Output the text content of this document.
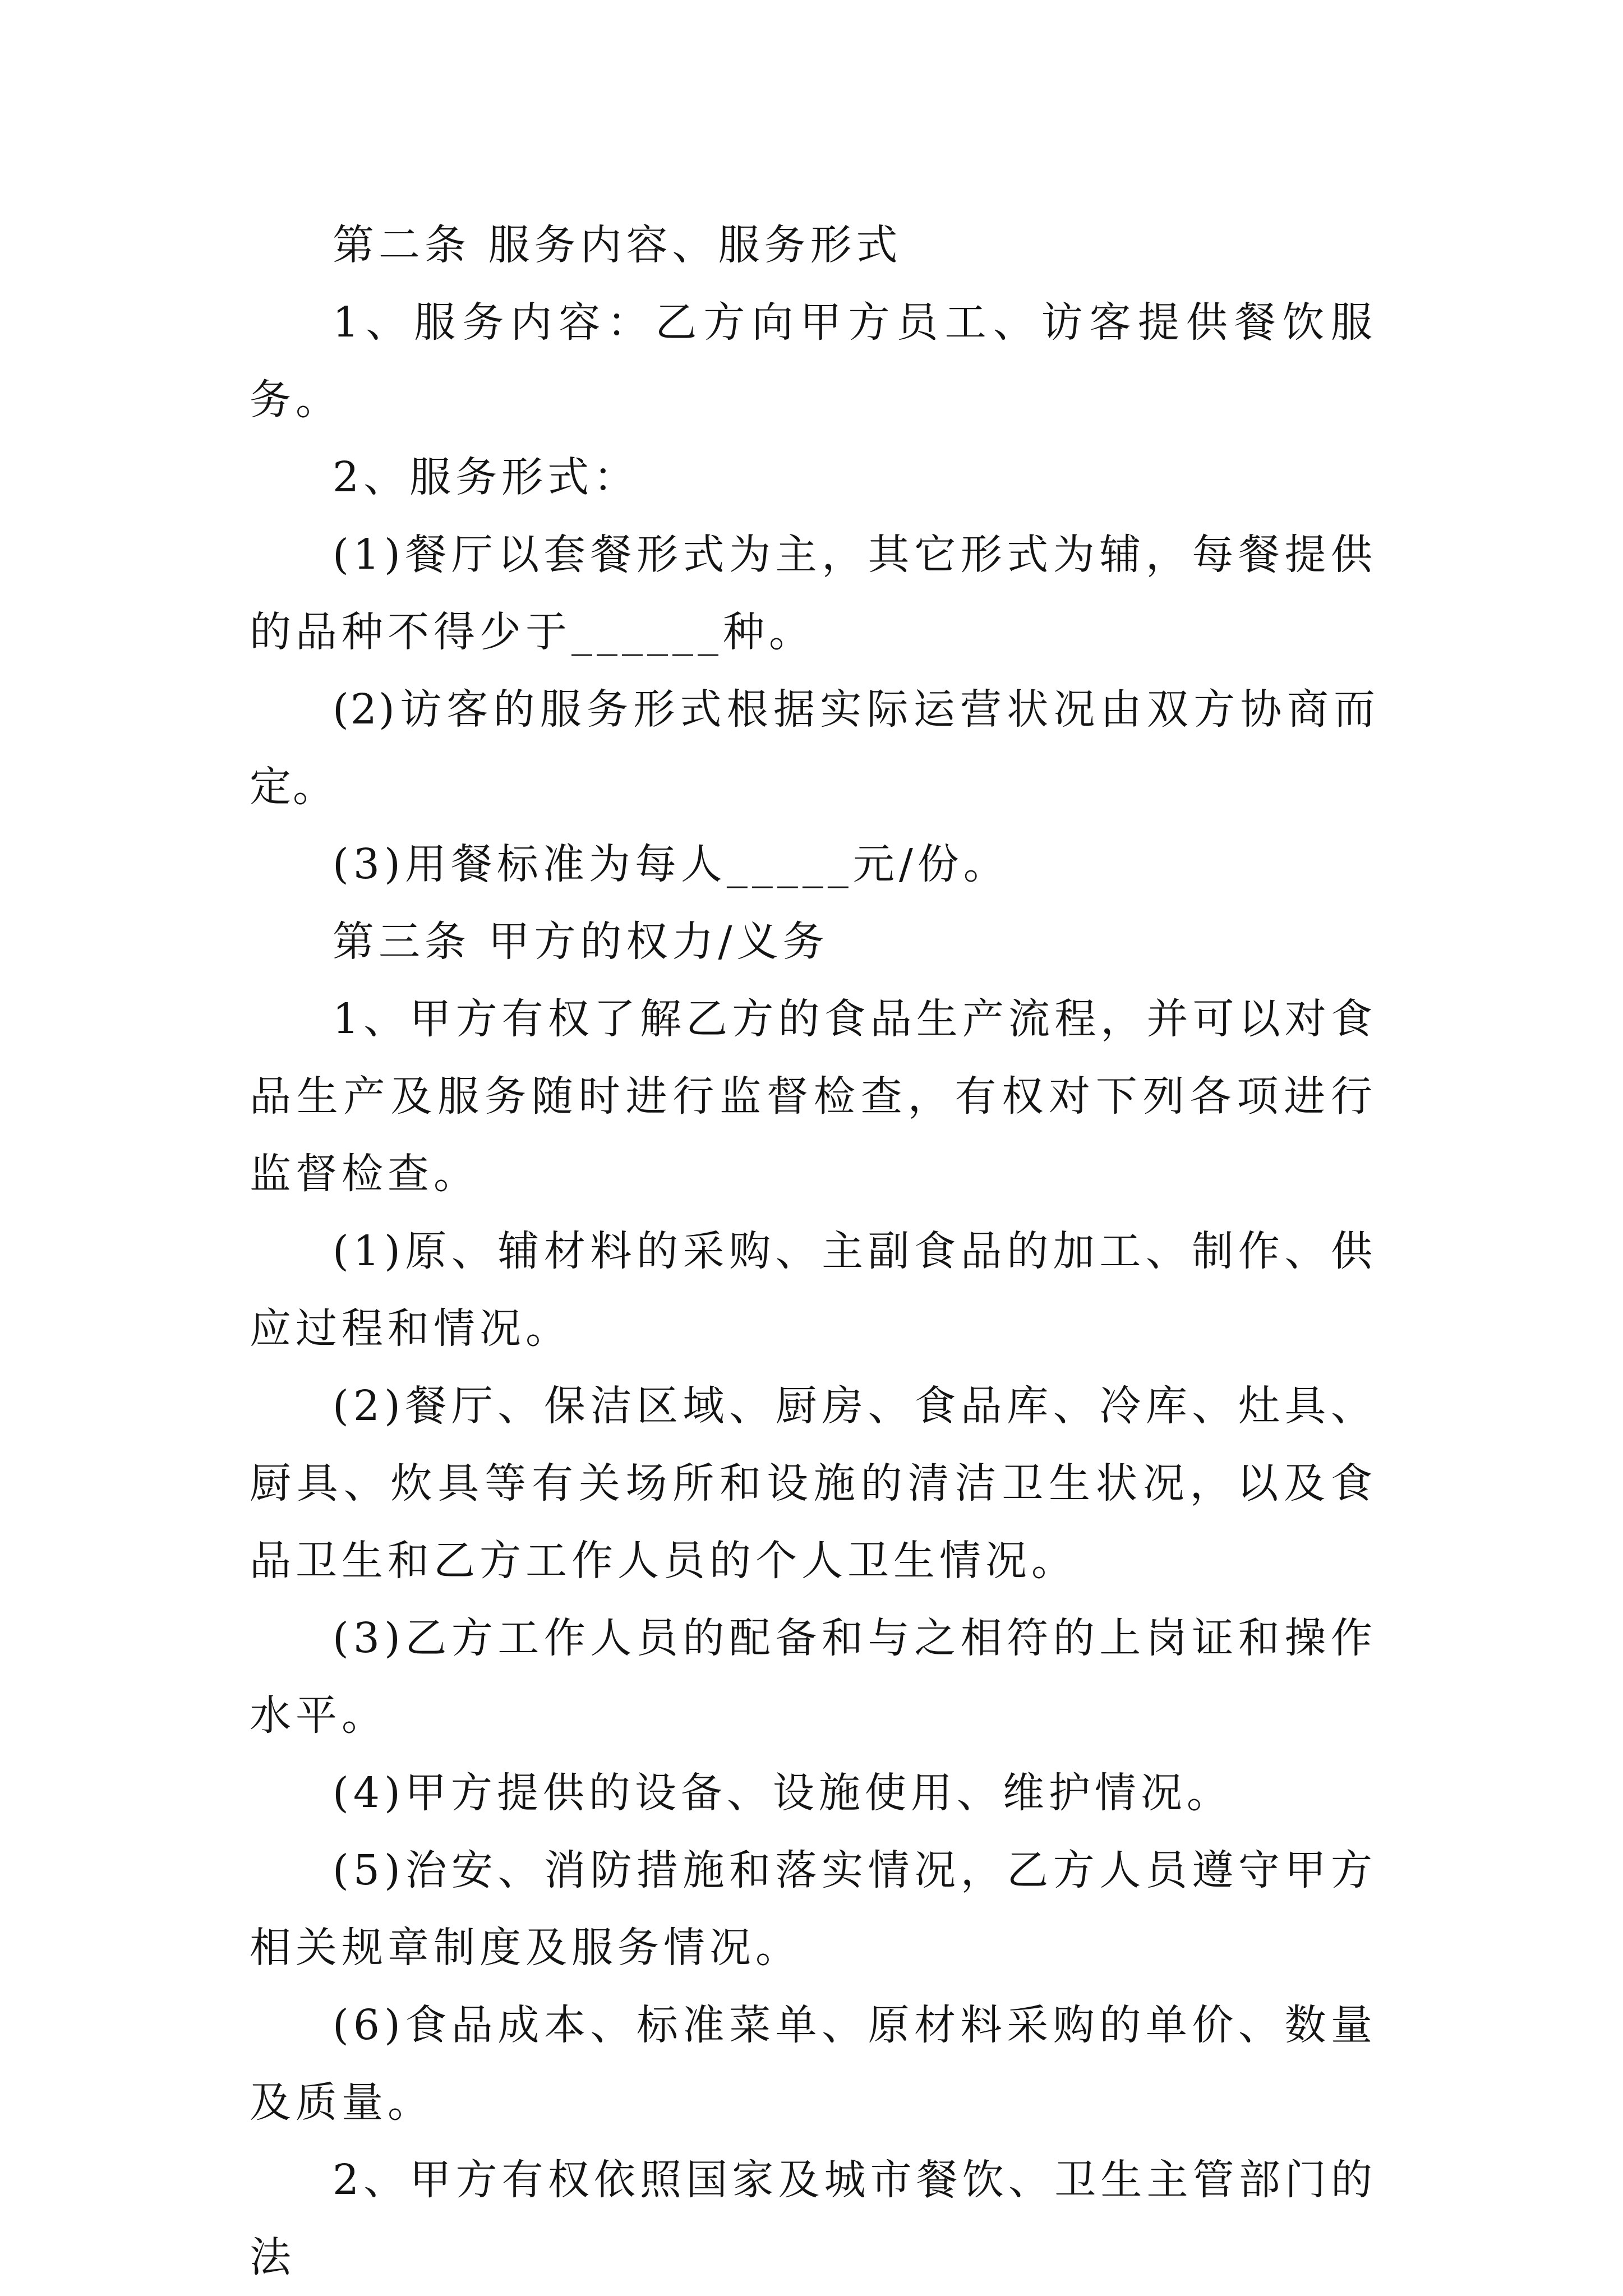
第二条 服务内容、服务形式

1、服务内容：乙方向甲方员工、访客提供餐饮服务。

2、服务形式：

(1)餐厅以套餐形式为主，其它形式为辅，每餐提供的品种不得少于______种。

(2)访客的服务形式根据实际运营状况由双方协商而定。

(3)用餐标准为每人_____元/份。

第三条 甲方的权力/义务

1、甲方有权了解乙方的食品生产流程，并可以对食品生产及服务随时进行监督检查，有权对下列各项进行监督检查。

(1)原、辅材料的采购、主副食品的加工、制作、供应过程和情况。

(2)餐厅、保洁区域、厨房、食品库、冷库、灶具、厨具、炊具等有关场所和设施的清洁卫生状况，以及食品卫生和乙方工作人员的个人卫生情况。

(3)乙方工作人员的配备和与之相符的上岗证和操作水平。

(4)甲方提供的设备、设施使用、维护情况。

(5)治安、消防措施和落实情况，乙方人员遵守甲方相关规章制度及服务情况。

(6)食品成本、标准菜单、原材料采购的单价、数量及质量。

2、甲方有权依照国家及城市餐饮、卫生主管部门的法
